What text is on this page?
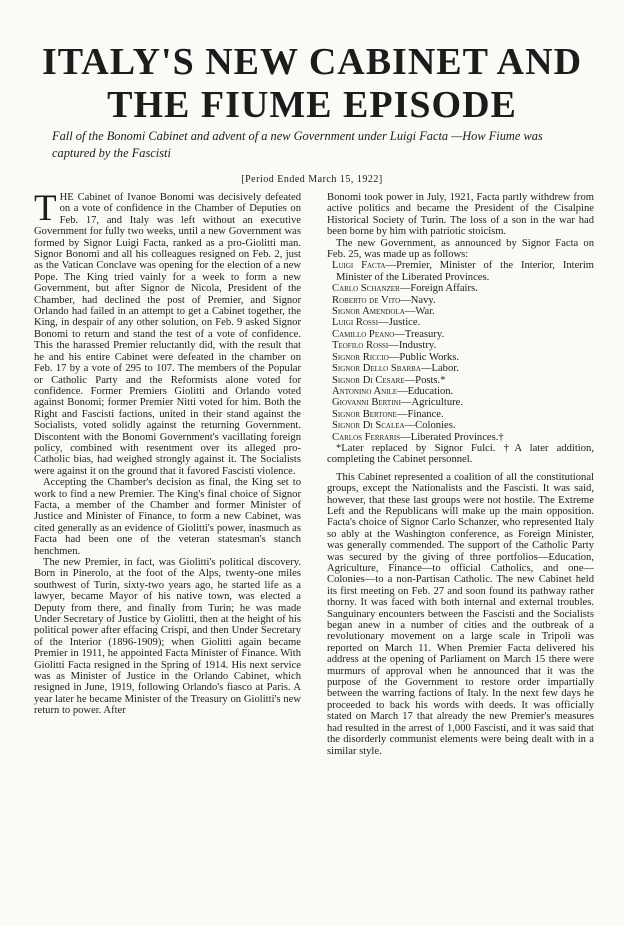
ITALY'S NEW CABINET AND
THE FIUME EPISODE

Fall of the Bonomi Cabinet and advent of a new Government under Luigi Facta —How Fiume was captured by the Fascisti

[Period Ended March 15, 1922]

THE Cabinet of Ivanoe Bonomi was decisively defeated on a vote of confidence in the Chamber of Deputies on Feb. 17, and Italy was left without an executive Government for fully two weeks, until a new Government was formed by Signor Luigi Facta, ranked as a pro-Giolitti man. Signor Bonomi and all his colleagues resigned on Feb. 2, just as the Vatican Conclave was opening for the election of a new Pope. The King tried vainly for a week to form a new Government, but after Signor de Nicola, President of the Chamber, had declined the post of Premier, and Signor Orlando had failed in an attempt to get a Cabinet together, the King, in despair of any other solution, on Feb. 9 asked Signor Bonomi to return and stand the test of a vote of confidence. This the harassed Premier reluctantly did, with the result that he and his entire Cabinet were defeated in the chamber on Feb. 17 by a vote of 295 to 107. The members of the Popular or Catholic Party and the Reformists alone voted for confidence. Former Premiers Giolitti and Orlando voted against Bonomi; former Premier Nitti voted for him. Both the Right and Fascisti factions, united in their stand against the Socialists, voted solidly against the returning Government. Discontent with the Bonomi Government's vacillating foreign policy, combined with resentment over its alleged pro-Catholic bias, had weighed strongly against it. The Socialists were against it on the ground that it favored Fascisti violence.

Accepting the Chamber's decision as final, the King set to work to find a new Premier. The King's final choice of Signor Facta, a member of the Chamber and former Minister of Justice and Minister of Finance, to form a new Cabinet, was cited generally as an evidence of Giolitti's power, inasmuch as Facta had been one of the veteran statesman's stanch henchmen.

The new Premier, in fact, was Giolitti's political discovery. Born in Pinerolo, at the foot of the Alps, twenty-one miles southwest of Turin, sixty-two years ago, he started life as a lawyer, became Mayor of his native town, was elected a Deputy from there, and finally from Turin; he was made Under Secretary of Justice by Giolitti, then at the height of his political power after effacing Crispi, and then Under Secretary of the Interior (1896-1909); when Giolitti again became Premier in 1911, he appointed Facta Minister of Finance. With Giolitti Facta resigned in the Spring of 1914. His next service was as Minister of Justice in the Orlando Cabinet, which resigned in June, 1919, following Orlando's fiasco at Paris. A year later he became Minister of the Treasury on Giolitti's new return to power. After

Bonomi took power in July, 1921, Facta partly withdrew from active politics and became the President of the Cisalpine Historical Society of Turin. The loss of a son in the war had been borne by him with patriotic stoicism.

The new Government, as announced by Signor Facta on Feb. 25, was made up as follows:

Luigi Facta—Premier, Minister of the Interior, Interim Minister of the Liberated Provinces.
Carlo Schanzer—Foreign Affairs.
Roberto de Vito—Navy.
Signor Amendola—War.
Luigi Rossi—Justice.
Camillo Peano—Treasury.
Teofilo Rossi—Industry.
Signor Riccio—Public Works.
Signor Dello Sbarba—Labor.
Signor Di Cesare—Posts.*
Antonino Anile—Education.
Giovanni Bertini—Agriculture.
Signor Bertone—Finance.
Signor Di Scalea—Colonies.
Carlos Ferraris—Liberated Provinces.†

*Later replaced by Signor Fulci. †A later addition, completing the Cabinet personnel.

This Cabinet represented a coalition of all the constitutional groups, except the Nationalists and the Fascisti. It was said, however, that these last groups were not hostile. The Extreme Left and the Republicans will make up the main opposition. Facta's choice of Signor Carlo Schanzer, who represented Italy so ably at the Washington conference, as Foreign Minister, was generally commended. The support of the Catholic Party was secured by the giving of three portfolios—Education, Agriculture, Finance—to official Catholics, and one—Colonies—to a non-Partisan Catholic. The new Cabinet held its first meeting on Feb. 27 and soon found its pathway rather thorny. It was faced with both internal and external troubles. Sanguinary encounters between the Fascisti and the Socialists began anew in a number of cities and the outbreak of a revolutionary movement on a large scale in Tripoli was reported on March 11. When Premier Facta delivered his address at the opening of Parliament on March 15 there were murmurs of approval when he announced that it was the purpose of the Government to restore order impartially between the warring factions of Italy. In the next few days he proceeded to back his words with deeds. It was officially stated on March 17 that already the new Premier's measures had resulted in the arrest of 1,000 Fascisti, and it was said that the disorderly communist elements were being dealt with in a similar style.
